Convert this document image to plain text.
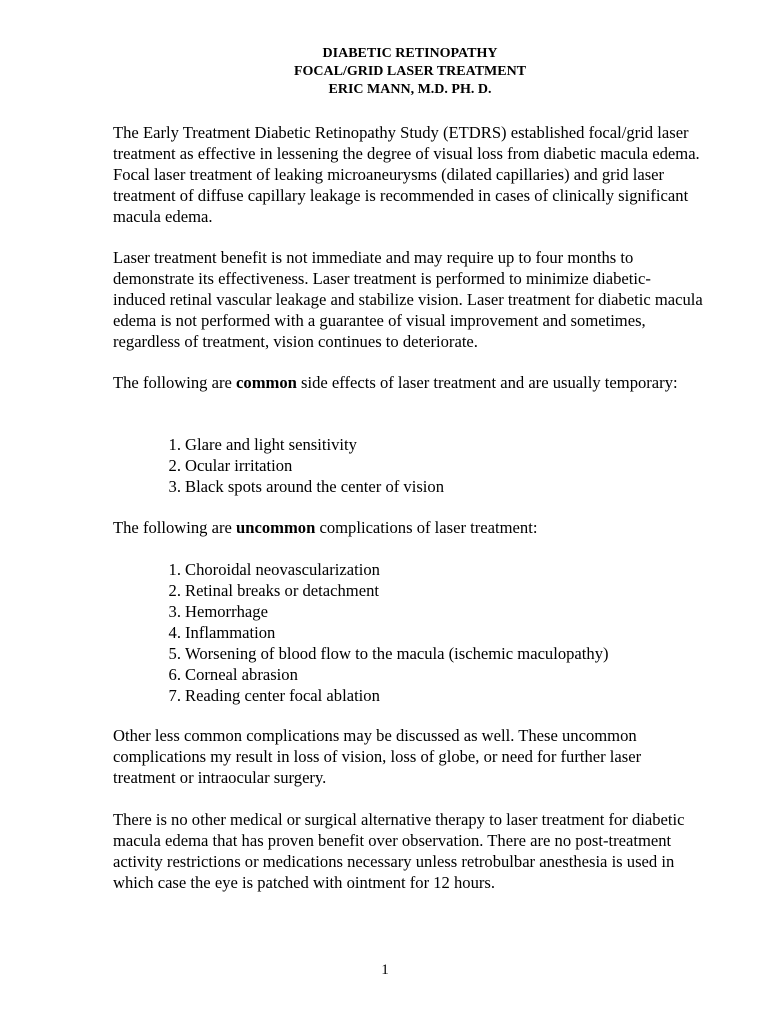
DIABETIC RETINOPATHY
FOCAL/GRID LASER TREATMENT
ERIC MANN, M.D. PH. D.

The Early Treatment Diabetic Retinopathy Study (ETDRS) established focal/grid laser treatment as effective in lessening the degree of visual loss from diabetic macula edema. Focal laser treatment of leaking microaneurysms (dilated capillaries) and grid laser treatment of diffuse capillary leakage is recommended in cases of clinically significant macula edema.

Laser treatment benefit is not immediate and may require up to four months to demonstrate its effectiveness. Laser treatment is performed to minimize diabetic-induced retinal vascular leakage and stabilize vision. Laser treatment for diabetic macula edema is not performed with a guarantee of visual improvement and sometimes, regardless of treatment, vision continues to deteriorate.

The following are common side effects of laser treatment and are usually temporary:

1. Glare and light sensitivity
2. Ocular irritation
3. Black spots around the center of vision

The following are uncommon complications of laser treatment:

1. Choroidal neovascularization
2. Retinal breaks or detachment
3. Hemorrhage
4. Inflammation
5. Worsening of blood flow to the macula (ischemic maculopathy)
6. Corneal abrasion
7. Reading center focal ablation

Other less common complications may be discussed as well. These uncommon complications my result in loss of vision, loss of globe, or need for further laser treatment or intraocular surgery.

There is no other medical or surgical alternative therapy to laser treatment for diabetic macula edema that has proven benefit over observation. There are no post-treatment activity restrictions or medications necessary unless retrobulbar anesthesia is used in which case the eye is patched with ointment for 12 hours.

1
